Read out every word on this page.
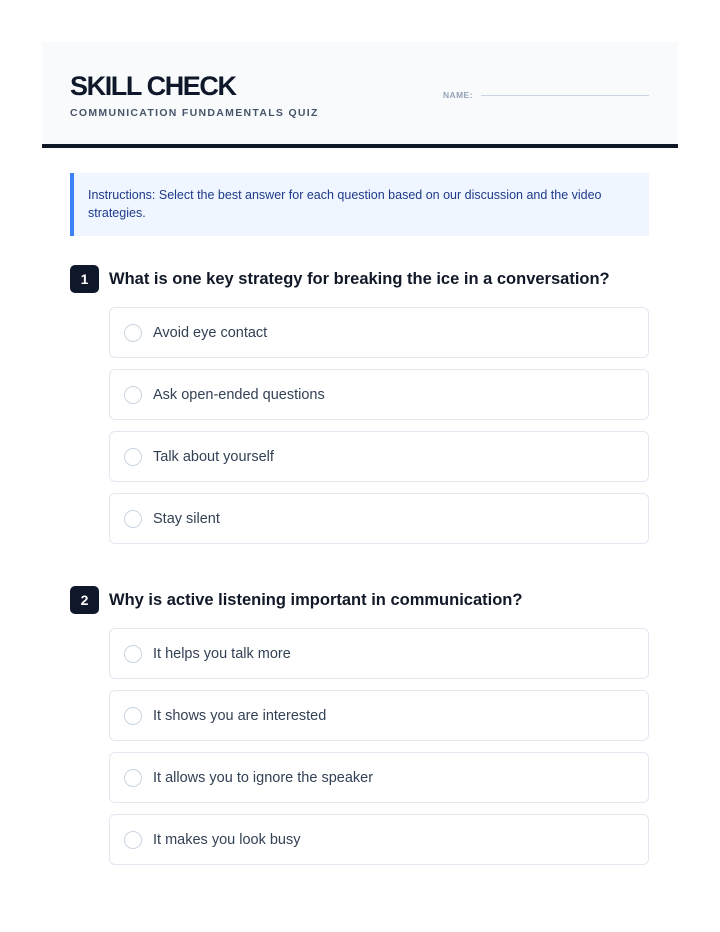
SKILL CHECK
COMMUNICATION FUNDAMENTALS QUIZ
NAME:
Instructions: Select the best answer for each question based on our discussion and the video strategies.
1	What is one key strategy for breaking the ice in a conversation?
Avoid eye contact
Ask open-ended questions
Talk about yourself
Stay silent
2	Why is active listening important in communication?
It helps you talk more
It shows you are interested
It allows you to ignore the speaker
It makes you look busy
